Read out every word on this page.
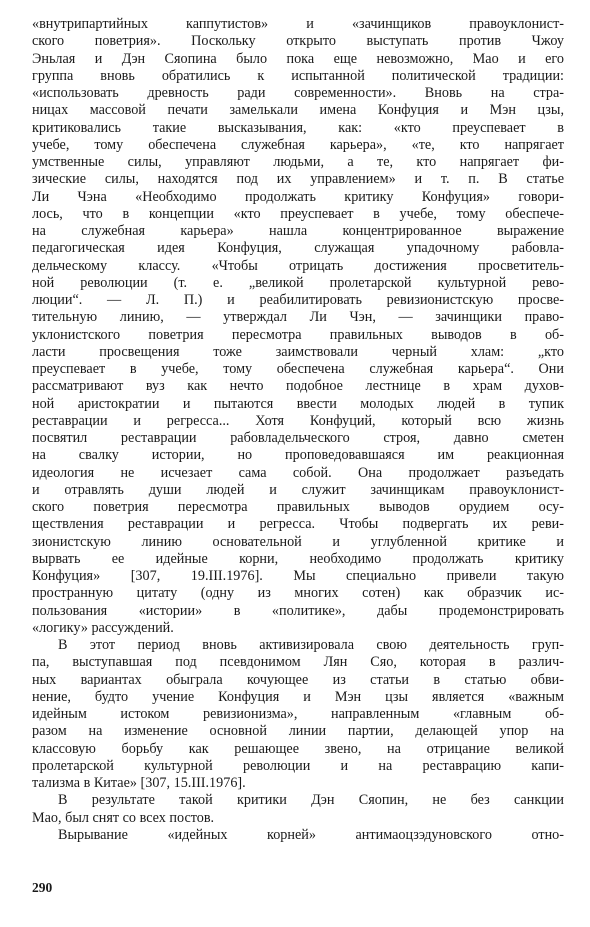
«внутрипартийных каппутистов» и «зачинщиков правоуклонист-
ского поветрия». Поскольку открыто выступать против Чжоу
Эньлая и Дэн Сяопина было пока еще невозможно, Мао и его
группа вновь обратились к испытанной политической традиции:
«использовать древность ради современности». Вновь на стра-
ницах массовой печати замелькали имена Конфуция и Мэн цзы,
критиковались такие высказывания, как: «кто преуспевает в
учебе, тому обеспечена служебная карьера», «те, кто напрягает
умственные силы, управляют людьми, а те, кто напрягает фи-
зические силы, находятся под их управлением» и т. п. В статье
Ли Чэна «Необходимо продолжать критику Конфуция» говори-
лось, что в концепции «кто преуспевает в учебе, тому обеспече-
на служебная карьера» нашла концентрированное выражение
педагогическая идея Конфуция, служащая упадочному рабовла-
дельческому классу. «Чтобы отрицать достижения просветитель-
ной революции (т. е. „великой пролетарской культурной рево-
люции“. — Л. П.) и реабилитировать ревизионистскую просве-
тительную линию, — утверждал Ли Чэн, — зачинщики право-
уклонистского поветрия пересмотра правильных выводов в об-
ласти просвещения тоже заимствовали черный хлам: „кто
преуспевает в учебе, тому обеспечена служебная карьера“. Они
рассматривают вуз как нечто подобное лестнице в храм духов-
ной аристократии и пытаются ввести молодых людей в тупик
реставрации и регресса... Хотя Конфуций, который всю жизнь
посвятил реставрации рабовладельческого строя, давно сметен
на свалку истории, но проповедовавшаяся им реакционная
идеология не исчезает сама собой. Она продолжает разъедать
и отравлять души людей и служит зачинщикам правоуклонист-
ского поветрия пересмотра правильных выводов орудием осу-
ществления реставрации и регресса. Чтобы подвергать их реви-
зионистскую линию основательной и углубленной критике и
вырвать ее идейные корни, необходимо продолжать критику
Конфуция» [307, 19.III.1976]. Мы специально привели такую
пространную цитату (одну из многих сотен) как образчик ис-
пользования «истории» в «политике», дабы продемонстрировать
«логику» рассуждений.
В этот период вновь активизировала свою деятельность груп-
па, выступавшая под псевдонимом Лян Сяо, которая в различ-
ных вариантах обыграла кочующее из статьи в статью обви-
нение, будто учение Конфуция и Мэн цзы является «важным
идейным истоком ревизионизма», направленным «главным об-
разом на изменение основной линии партии, делающей упор на
классовую борьбу как решающее звено, на отрицание великой
пролетарской культурной революции и на реставрацию капи-
тализма в Китае» [307, 15.III.1976].
В результате такой критики Дэн Сяопин, не без санкции
Мао, был снят со всех постов.
Вырывание «идейных корней» антимаоцзэдуновского отно-
290
